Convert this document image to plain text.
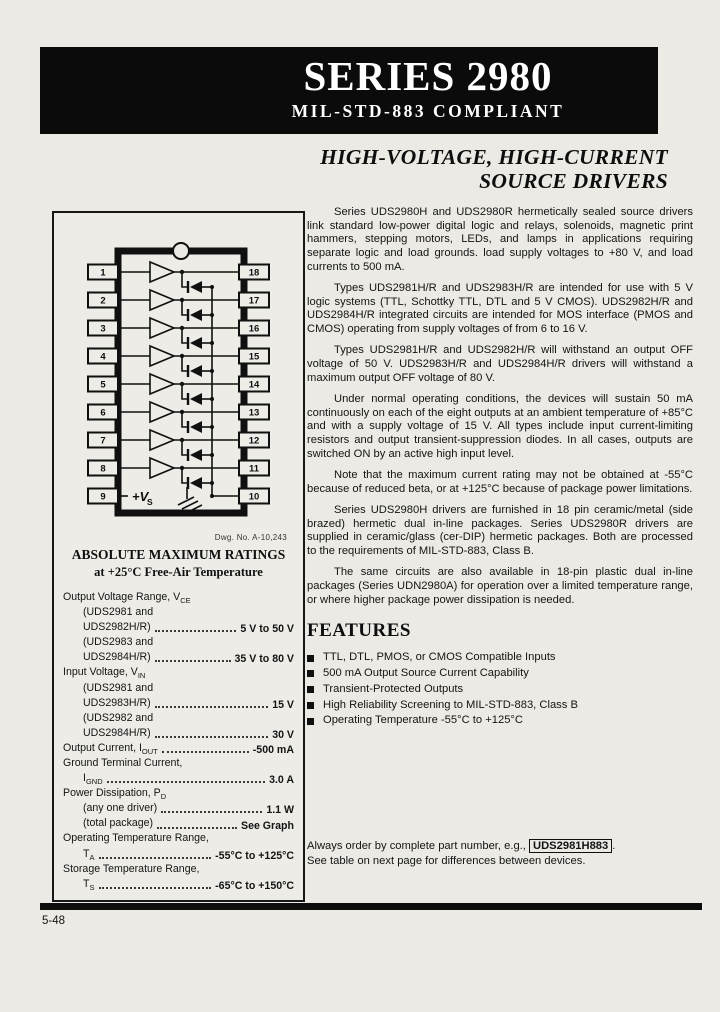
SERIES 2980
MIL-STD-883 COMPLIANT
HIGH-VOLTAGE, HIGH-CURRENT
SOURCE DRIVERS
+V
S
1
2
3
4
5
6
7
8
9
18
17
16
15
14
13
12
11
10
Dwg. No. A-10,243
ABSOLUTE MAXIMUM RATINGS
at +25°C Free-Air Temperature
Output Voltage Range, $V_{CE}$
(UDS2981 and
UDS2982H/R)	5 V to 50 V
(UDS2983 and
UDS2984H/R)	35 V to 80 V
Input Voltage, $V_{IN}$
(UDS2981 and
UDS2983H/R)	15 V
(UDS2982 and
UDS2984H/R)	30 V
Output Current, $I_{OUT}$	-500 mA
Ground Terminal Current,
$I_{GND}$	3.0 A
Power Dissipation, $P_D$
(any one driver)	1.1 W
(total package)	See Graph
Operating Temperature Range,
$T_A$	-55°C to +125°C
Storage Temperature Range,
$T_S$	-65°C to +150°C

Series UDS2980H and UDS2980R hermetically sealed source drivers link standard low-power digital logic and relays, solenoids, magnetic print hammers, stepping motors, LEDs, and lamps in applications requiring separate logic and load grounds. load supply voltages to +80 V, and load currents to 500 mA.

Types UDS2981H/R and UDS2983H/R are intended for use with 5 V logic systems (TTL, Schottky TTL, DTL and 5 V CMOS). UDS2982H/R and UDS2984H/R integrated circuits are intended for MOS interface (PMOS and CMOS) operating from supply voltages of from 6 to 16 V.

Types UDS2981H/R and UDS2982H/R will withstand an output OFF voltage of 50 V. UDS2983H/R and UDS2984H/R drivers will withstand a maximum output OFF voltage of 80 V.

Under normal operating conditions, the devices will sustain 50 mA continuously on each of the eight outputs at an ambient temperature of +85°C and with a supply voltage of 15 V. All types include input current-limiting resistors and output transient-suppression diodes. In all cases, outputs are switched ON by an active high input level.

Note that the maximum current rating may not be obtained at -55°C because of reduced beta, or at +125°C because of package power limitations.

Series UDS2980H drivers are furnished in 18 pin ceramic/metal (side brazed) hermetic dual in-line packages. Series UDS2980R drivers are supplied in ceramic/glass (cer-DIP) hermetic packages. Both are processed to the requirements of MIL-STD-883, Class B.

The same circuits are also available in 18-pin plastic dual in-line packages (Series UDN2980A) for operation over a limited temperature range, or where higher package power dissipation is needed.

FEATURES
TTL, DTL, PMOS, or CMOS Compatible Inputs
500 mA Output Source Current Capability
Transient-Protected Outputs
High Reliability Screening to MIL-STD-883, Class B
Operating Temperature -55°C to +125°C
Always order by complete part number, e.g., UDS2981H883 .
See table on next page for differences between devices.
5-48
